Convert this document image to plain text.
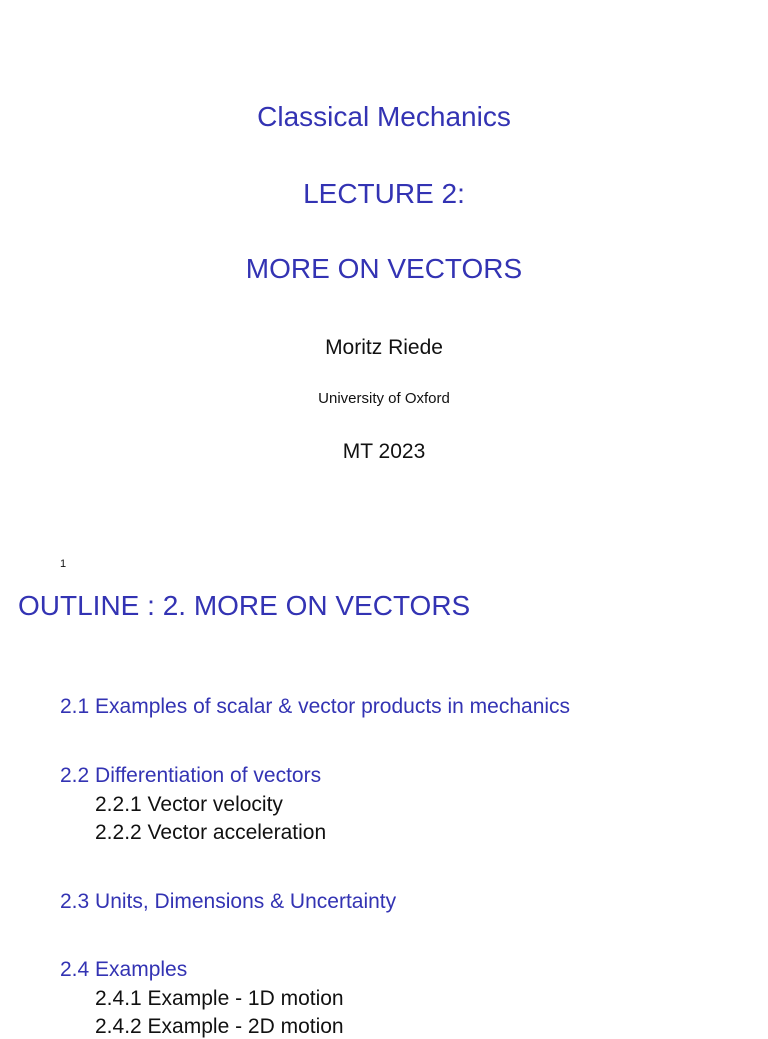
Classical Mechanics
LECTURE 2:
MORE ON VECTORS
Moritz Riede
University of Oxford
MT 2023
1
OUTLINE : 2. MORE ON VECTORS
2.1 Examples of scalar & vector products in mechanics
2.2 Differentiation of vectors
2.2.1 Vector velocity
2.2.2 Vector acceleration
2.3 Units, Dimensions & Uncertainty
2.4 Examples
2.4.1 Example - 1D motion
2.4.2 Example - 2D motion
